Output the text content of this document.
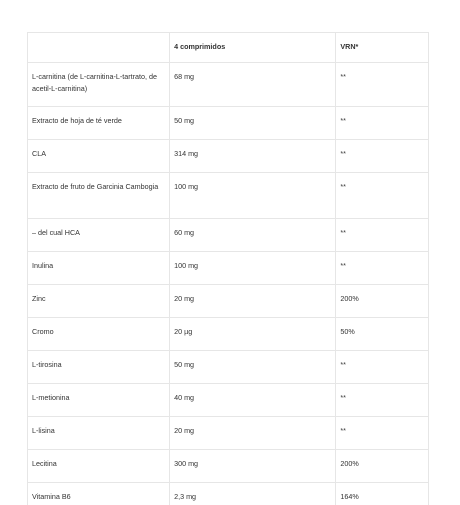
	4 comprimidos	VRN*
L-carnitina (de L-carnitina-L-tartrato, de acetil-L-carnitina)	68 mg	**
Extracto de hoja de té verde	50 mg	**
CLA	314 mg	**
Extracto de fruto de Garcinia Cambogia	100 mg	**
– del cual HCA	60 mg	**
Inulina	100 mg	**
Zinc	20 mg	200%
Cromo	20 µg	50%
L-tirosina	50 mg	**
L-metionina	40 mg	**
L-lisina	20 mg	**
Lecitina	300 mg	200%
Vitamina B6	2,3 mg	164%
